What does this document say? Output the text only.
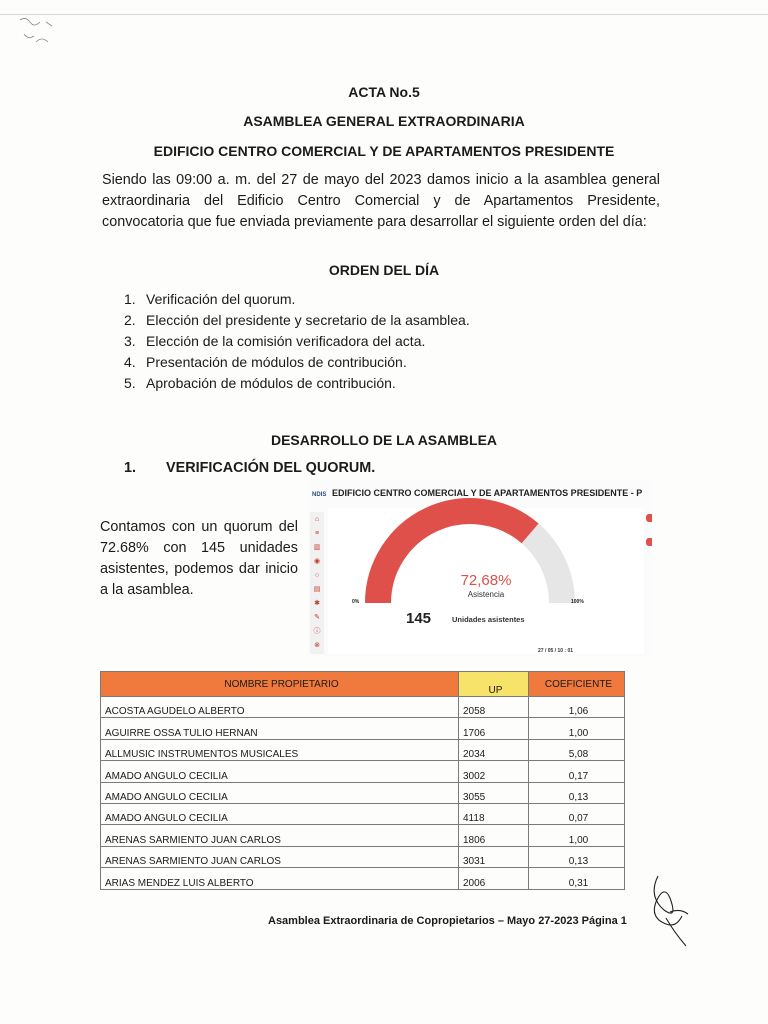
ACTA No.5
ASAMBLEA GENERAL EXTRAORDINARIA
EDIFICIO CENTRO COMERCIAL Y DE APARTAMENTOS PRESIDENTE

Siendo las 09:00 a. m. del 27 de mayo del 2023 damos inicio a la asamblea general extraordinaria del Edificio Centro Comercial y de Apartamentos Presidente, convocatoria que fue enviada previamente para desarrollar el siguiente orden del día:

ORDEN DEL DÍA
1. Verificación del quorum.
2. Elección del presidente y secretario de la asamblea.
3. Elección de la comisión verificadora del acta.
4. Presentación de módulos de contribución.
5. Aprobación de módulos de contribución.
DESARROLLO DE LA ASAMBLEA
1. VERIFICACIÓN DEL QUORUM.

Contamos con un quorum del 72.68% con 145 unidades asistentes, podemos dar inicio a la asamblea.

NDIS EDIFICIO CENTRO COMERCIAL Y DE APARTAMENTOS PRESIDENTE - P
⌂
≡
▥
◉
○
▤
✱
✎
ⓘ
⊗
72,68%
Asistencia
0%	100%
145	Unidades asistentes
27 / 05 / 10 : 01
NOMBRE PROPIETARIO	UP	COEFICIENTE
ACOSTA AGUDELO ALBERTO	2058	1,06
AGUIRRE OSSA TULIO HERNAN	1706	1,00
ALLMUSIC INSTRUMENTOS MUSICALES	2034	5,08
AMADO ANGULO CECILIA	3002	0,17
AMADO ANGULO CECILIA	3055	0,13
AMADO ANGULO CECILIA	4118	0,07
ARENAS SARMIENTO JUAN CARLOS	1806	1,00
ARENAS SARMIENTO JUAN CARLOS	3031	0,13
ARIAS MENDEZ LUIS ALBERTO	2006	0,31
Asamblea Extraordinaria de Copropietarios – Mayo 27-2023 Página 1
